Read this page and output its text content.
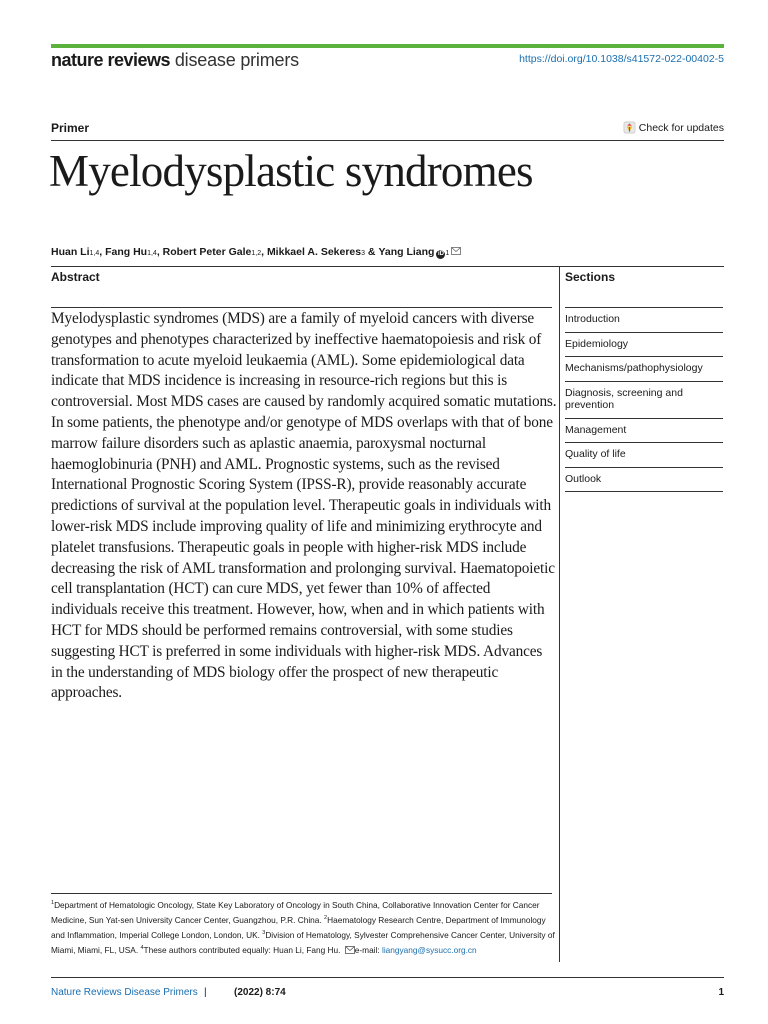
nature reviews disease primers	https://doi.org/10.1038/s41572-022-00402-5
Primer	Check for updates
Myelodysplastic syndromes
Huan Li 1,4 , Fang Hu 1,4 , Robert Peter Gale 1,2 , Mikkael A. Sekeres 3 & Yang Liang iD 1
Abstract

Myelodysplastic syndromes (MDS) are a family of myeloid cancers with diverse genotypes and phenotypes characterized by ineffective haematopoiesis and risk of transformation to acute myeloid leukaemia (AML). Some epidemiological data indicate that MDS incidence is increasing in resource-rich regions but this is controversial. Most MDS cases are caused by randomly acquired somatic mutations. In some patients, the phenotype and/or genotype of MDS overlaps with that of bone marrow failure disorders such as aplastic anaemia, paroxysmal nocturnal haemoglobinuria (PNH) and AML. Prognostic systems, such as the revised International Prognostic Scoring System (IPSS-R), provide reasonably accurate predictions of survival at the population level. Therapeutic goals in individuals with lower-risk MDS include improving quality of life and minimizing erythrocyte and platelet transfusions. Therapeutic goals in people with higher-risk MDS include decreasing the risk of AML transformation and prolonging survival. Haematopoietic cell transplantation (HCT) can cure MDS, yet fewer than 10% of affected individuals receive this treatment. However, how, when and in which patients with HCT for MDS should be performed remains controversial, with some studies suggesting HCT is preferred in some individuals with higher-risk MDS. Advances in the understanding of MDS biology offer the prospect of new therapeutic approaches.

Sections
Introduction
Epidemiology
Mechanisms/pathophysiology
Diagnosis, screening and prevention
Management
Quality of life
Outlook

$^1$Department of Hematologic Oncology, State Key Laboratory of Oncology in South China, Collaborative Innovation Center for Cancer Medicine, Sun Yat-sen University Cancer Center, Guangzhou, P.R. China. $^2$Haematology Research Centre, Department of Immunology and Inflammation, Imperial College London, London, UK. $^3$Division of Hematology, Sylvester Comprehensive Cancer Center, University of Miami, Miami, FL, USA. $^4$These authors contributed equally: Huan Li, Fang Hu. e-mail: liangyang@sysucc.org.cn

Nature Reviews Disease Primers |	(2022) 8:74	1
